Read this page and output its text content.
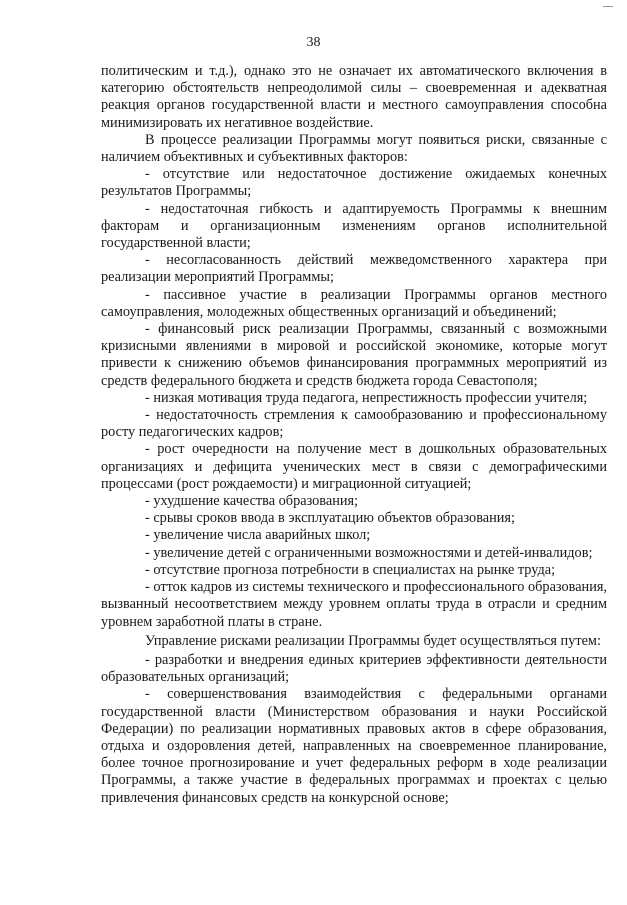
38

политическим и т.д.), однако это не означает их автоматического включения в категорию обстоятельств непреодолимой силы – своевременная и адекватная реакция органов государственной власти и местного самоуправления способна минимизировать их негативное воздействие.

В процессе реализации Программы могут появиться риски, связанные с наличием объективных и субъективных факторов:

- отсутствие или недостаточное достижение ожидаемых конечных результатов Программы;

- недостаточная гибкость и адаптируемость Программы к внешним факторам и организационным изменениям органов исполнительной государственной власти;

- несогласованность действий межведомственного характера при реализации мероприятий Программы;

- пассивное участие в реализации Программы органов местного самоуправления, молодежных общественных организаций и объединений;

- финансовый риск реализации Программы, связанный с возможными кризисными явлениями в мировой и российской экономике, которые могут привести к снижению объемов финансирования программных мероприятий из средств федерального бюджета и средств бюджета города Севастополя;

- низкая мотивация труда педагога, непрестижность профессии учителя;

- недостаточность стремления к самообразованию и профессиональному росту педагогических кадров;

- рост очередности на получение мест в дошкольных образовательных организациях и дефицита ученических мест в связи с демографическими процессами (рост рождаемости) и миграционной ситуацией;

- ухудшение качества образования;

- срывы сроков ввода в эксплуатацию объектов образования;

- увеличение числа аварийных школ;

- увеличение детей с ограниченными возможностями и детей-инвалидов;

- отсутствие прогноза потребности в специалистах на рынке труда;

- отток кадров из системы технического и профессионального образования, вызванный несоответствием между уровнем оплаты труда в отрасли и средним уровнем заработной платы в стране.

Управление рисками реализации Программы будет осуществляться путем:

- разработки и внедрения единых критериев эффективности деятельности образовательных организаций;

- совершенствования взаимодействия с федеральными органами государственной власти (Министерством образования и науки Российской Федерации) по реализации нормативных правовых актов в сфере образования, отдыха и оздоровления детей, направленных на своевременное планирование, более точное прогнозирование и учет федеральных реформ в ходе реализации Программы, а также участие в федеральных программах и проектах с целью привлечения финансовых средств на конкурсной основе;
